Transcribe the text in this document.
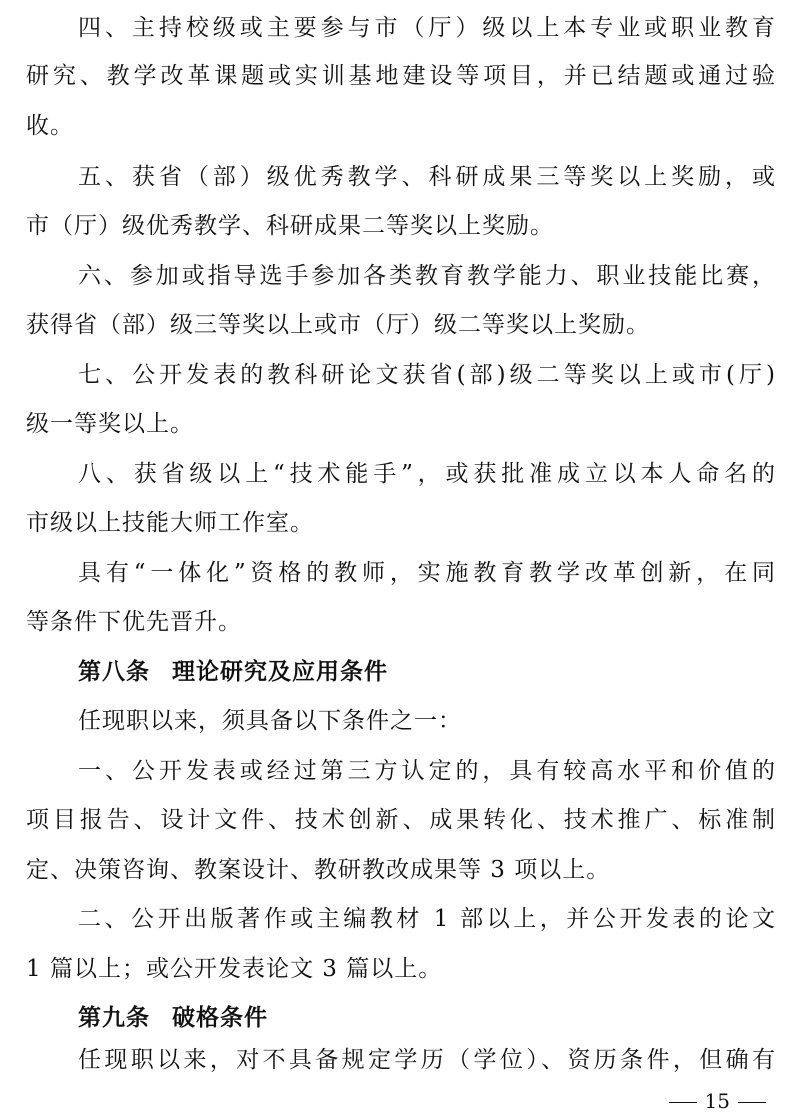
四、主持校级或主要参与市（厅）级以上本专业或职业教育
研究、教学改革课题或实训基地建设等项目，并已结题或通过验
收。
五、获省（部）级优秀教学、科研成果三等奖以上奖励，或
市（厅）级优秀教学、科研成果二等奖以上奖励。
六、参加或指导选手参加各类教育教学能力、职业技能比赛，
获得省（部）级三等奖以上或市（厅）级二等奖以上奖励。
七、公开发表的教科研论文获省(部)级二等奖以上或市(厅)
级一等奖以上。
八、获省级以上“技术能手”，或获批准成立以本人命名的
市级以上技能大师工作室。
具有“一体化”资格的教师，实施教育教学改革创新，在同
等条件下优先晋升。
第八条 理论研究及应用条件
任现职以来，须具备以下条件之一：
一、公开发表或经过第三方认定的，具有较高水平和价值的
项目报告、设计文件、技术创新、成果转化、技术推广、标准制
定、决策咨询、教案设计、教研教改成果等 3 项以上。
二、公开出版著作或主编教材 1 部以上，并公开发表的论文
1 篇以上；或公开发表论文 3 篇以上。
第九条 破格条件
任现职以来，对不具备规定学历（学位）、资历条件，但确有
15
